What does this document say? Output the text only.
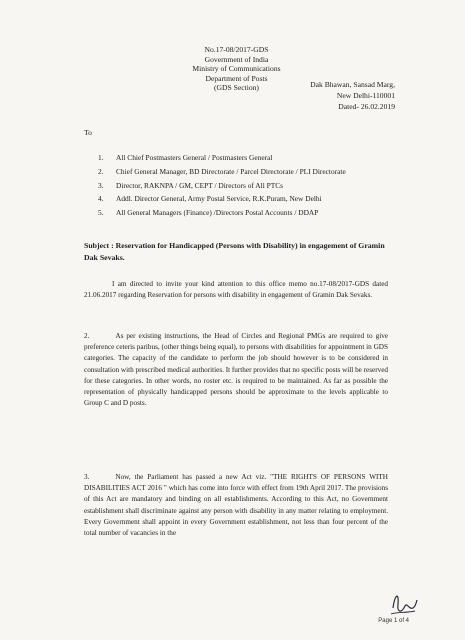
No.17-08/2017-GDS
Government of India
Ministry of Communications
Department of Posts
(GDS Section)	Dak Bhawan, Sansad Marg,
New Delhi-110001
Dated- 26.02.2019
To
1.	All Chief Postmasters General / Postmasters General
2.	Chief General Manager, BD Directorate / Parcel Directorate / PLI Directorate
3.	Director, RAKNPA / GM, CEPT / Directors of All PTCs
4.	Addl. Director General, Army Postal Service, R.K.Puram, New Delhi
5.	All General Managers (Finance) /Directors Postal Accounts / DDAP
Subject : Reservation for Handicapped (Persons with Disability) in engagement of Gramin Dak Sevaks.
I am directed to invite your kind attention to this office memo no.17-08/2017-GDS dated 21.06.2017 regarding Reservation for persons with disability in engagement of Gramin Dak Sevaks.
2.	As per existing instructions, the Head of Circles and Regional PMGs are required to give preference ceteris paribus, (other things being equal), to persons with disabilities for appointment in GDS categories. The capacity of the candidate to perform the job should however is to be considered in consultation with prescribed medical authorities. It further provides that no specific posts will be reserved for these categories. In other words, no roster etc. is required to be maintained. As far as possible the representation of physically handicapped persons should be approximate to the levels applicable to Group C and D posts.
3.	Now, the Parliament has passed a new Act viz. "THE RIGHTS OF PERSONS WITH DISABILITIES ACT 2016 " which has come into force with effect from 19th April 2017. The provisions of this Act are mandatory and binding on all establishments. According to this Act, no Government establishment shall discriminate against any person with disability in any matter relating to employment. Every Government shall appoint in every Government establishment, not less than four percent of the total number of vacancies in the
Page 1 of 4
